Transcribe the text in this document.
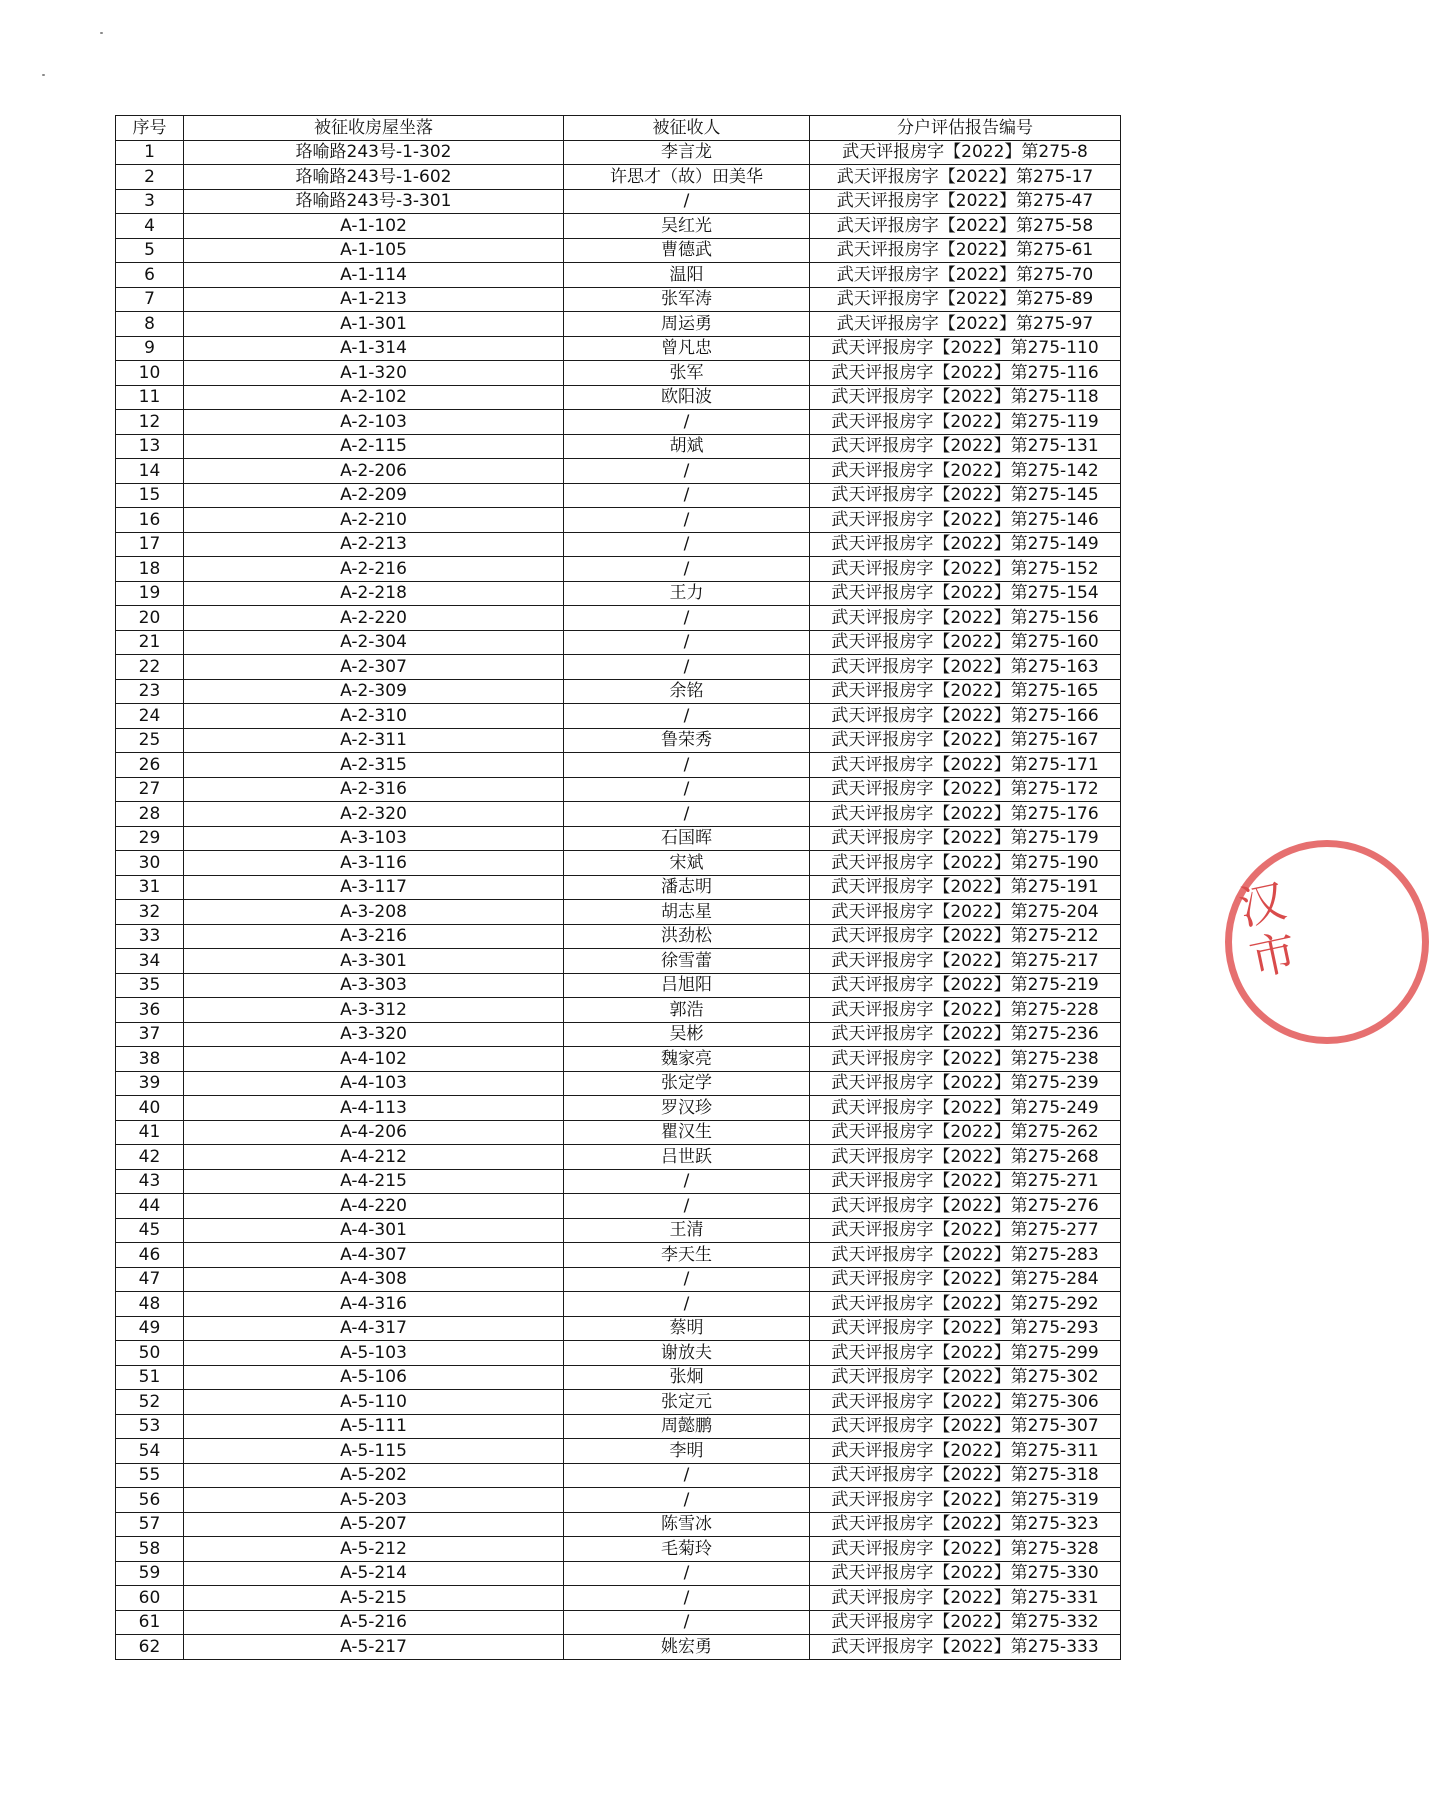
序号	被征收房屋坐落	被征收人	分户评估报告编号
1	珞喻路243号-1-302	李言龙	武天评报房字【2022】第275-8
2	珞喻路243号-1-602	许思才（故）田美华	武天评报房字【2022】第275-17
3	珞喻路243号-3-301	/	武天评报房字【2022】第275-47
4	A-1-102	吴红光	武天评报房字【2022】第275-58
5	A-1-105	曹德武	武天评报房字【2022】第275-61
6	A-1-114	温阳	武天评报房字【2022】第275-70
7	A-1-213	张军涛	武天评报房字【2022】第275-89
8	A-1-301	周运勇	武天评报房字【2022】第275-97
9	A-1-314	曾凡忠	武天评报房字【2022】第275-110
10	A-1-320	张军	武天评报房字【2022】第275-116
11	A-2-102	欧阳波	武天评报房字【2022】第275-118
12	A-2-103	/	武天评报房字【2022】第275-119
13	A-2-115	胡斌	武天评报房字【2022】第275-131
14	A-2-206	/	武天评报房字【2022】第275-142
15	A-2-209	/	武天评报房字【2022】第275-145
16	A-2-210	/	武天评报房字【2022】第275-146
17	A-2-213	/	武天评报房字【2022】第275-149
18	A-2-216	/	武天评报房字【2022】第275-152
19	A-2-218	王力	武天评报房字【2022】第275-154
20	A-2-220	/	武天评报房字【2022】第275-156
21	A-2-304	/	武天评报房字【2022】第275-160
22	A-2-307	/	武天评报房字【2022】第275-163
23	A-2-309	余铭	武天评报房字【2022】第275-165
24	A-2-310	/	武天评报房字【2022】第275-166
25	A-2-311	鲁荣秀	武天评报房字【2022】第275-167
26	A-2-315	/	武天评报房字【2022】第275-171
27	A-2-316	/	武天评报房字【2022】第275-172
28	A-2-320	/	武天评报房字【2022】第275-176
29	A-3-103	石国晖	武天评报房字【2022】第275-179
30	A-3-116	宋斌	武天评报房字【2022】第275-190
31	A-3-117	潘志明	武天评报房字【2022】第275-191
32	A-3-208	胡志星	武天评报房字【2022】第275-204
33	A-3-216	洪劲松	武天评报房字【2022】第275-212
34	A-3-301	徐雪蕾	武天评报房字【2022】第275-217
35	A-3-303	吕旭阳	武天评报房字【2022】第275-219
36	A-3-312	郭浩	武天评报房字【2022】第275-228
37	A-3-320	吴彬	武天评报房字【2022】第275-236
38	A-4-102	魏家亮	武天评报房字【2022】第275-238
39	A-4-103	张定学	武天评报房字【2022】第275-239
40	A-4-113	罗汉珍	武天评报房字【2022】第275-249
41	A-4-206	瞿汉生	武天评报房字【2022】第275-262
42	A-4-212	吕世跃	武天评报房字【2022】第275-268
43	A-4-215	/	武天评报房字【2022】第275-271
44	A-4-220	/	武天评报房字【2022】第275-276
45	A-4-301	王清	武天评报房字【2022】第275-277
46	A-4-307	李天生	武天评报房字【2022】第275-283
47	A-4-308	/	武天评报房字【2022】第275-284
48	A-4-316	/	武天评报房字【2022】第275-292
49	A-4-317	蔡明	武天评报房字【2022】第275-293
50	A-5-103	谢放夫	武天评报房字【2022】第275-299
51	A-5-106	张炯	武天评报房字【2022】第275-302
52	A-5-110	张定元	武天评报房字【2022】第275-306
53	A-5-111	周懿鹏	武天评报房字【2022】第275-307
54	A-5-115	李明	武天评报房字【2022】第275-311
55	A-5-202	/	武天评报房字【2022】第275-318
56	A-5-203	/	武天评报房字【2022】第275-319
57	A-5-207	陈雪冰	武天评报房字【2022】第275-323
58	A-5-212	毛菊玲	武天评报房字【2022】第275-328
59	A-5-214	/	武天评报房字【2022】第275-330
60	A-5-215	/	武天评报房字【2022】第275-331
61	A-5-216	/	武天评报房字【2022】第275-332
62	A-5-217	姚宏勇	武天评报房字【2022】第275-333
汉市
